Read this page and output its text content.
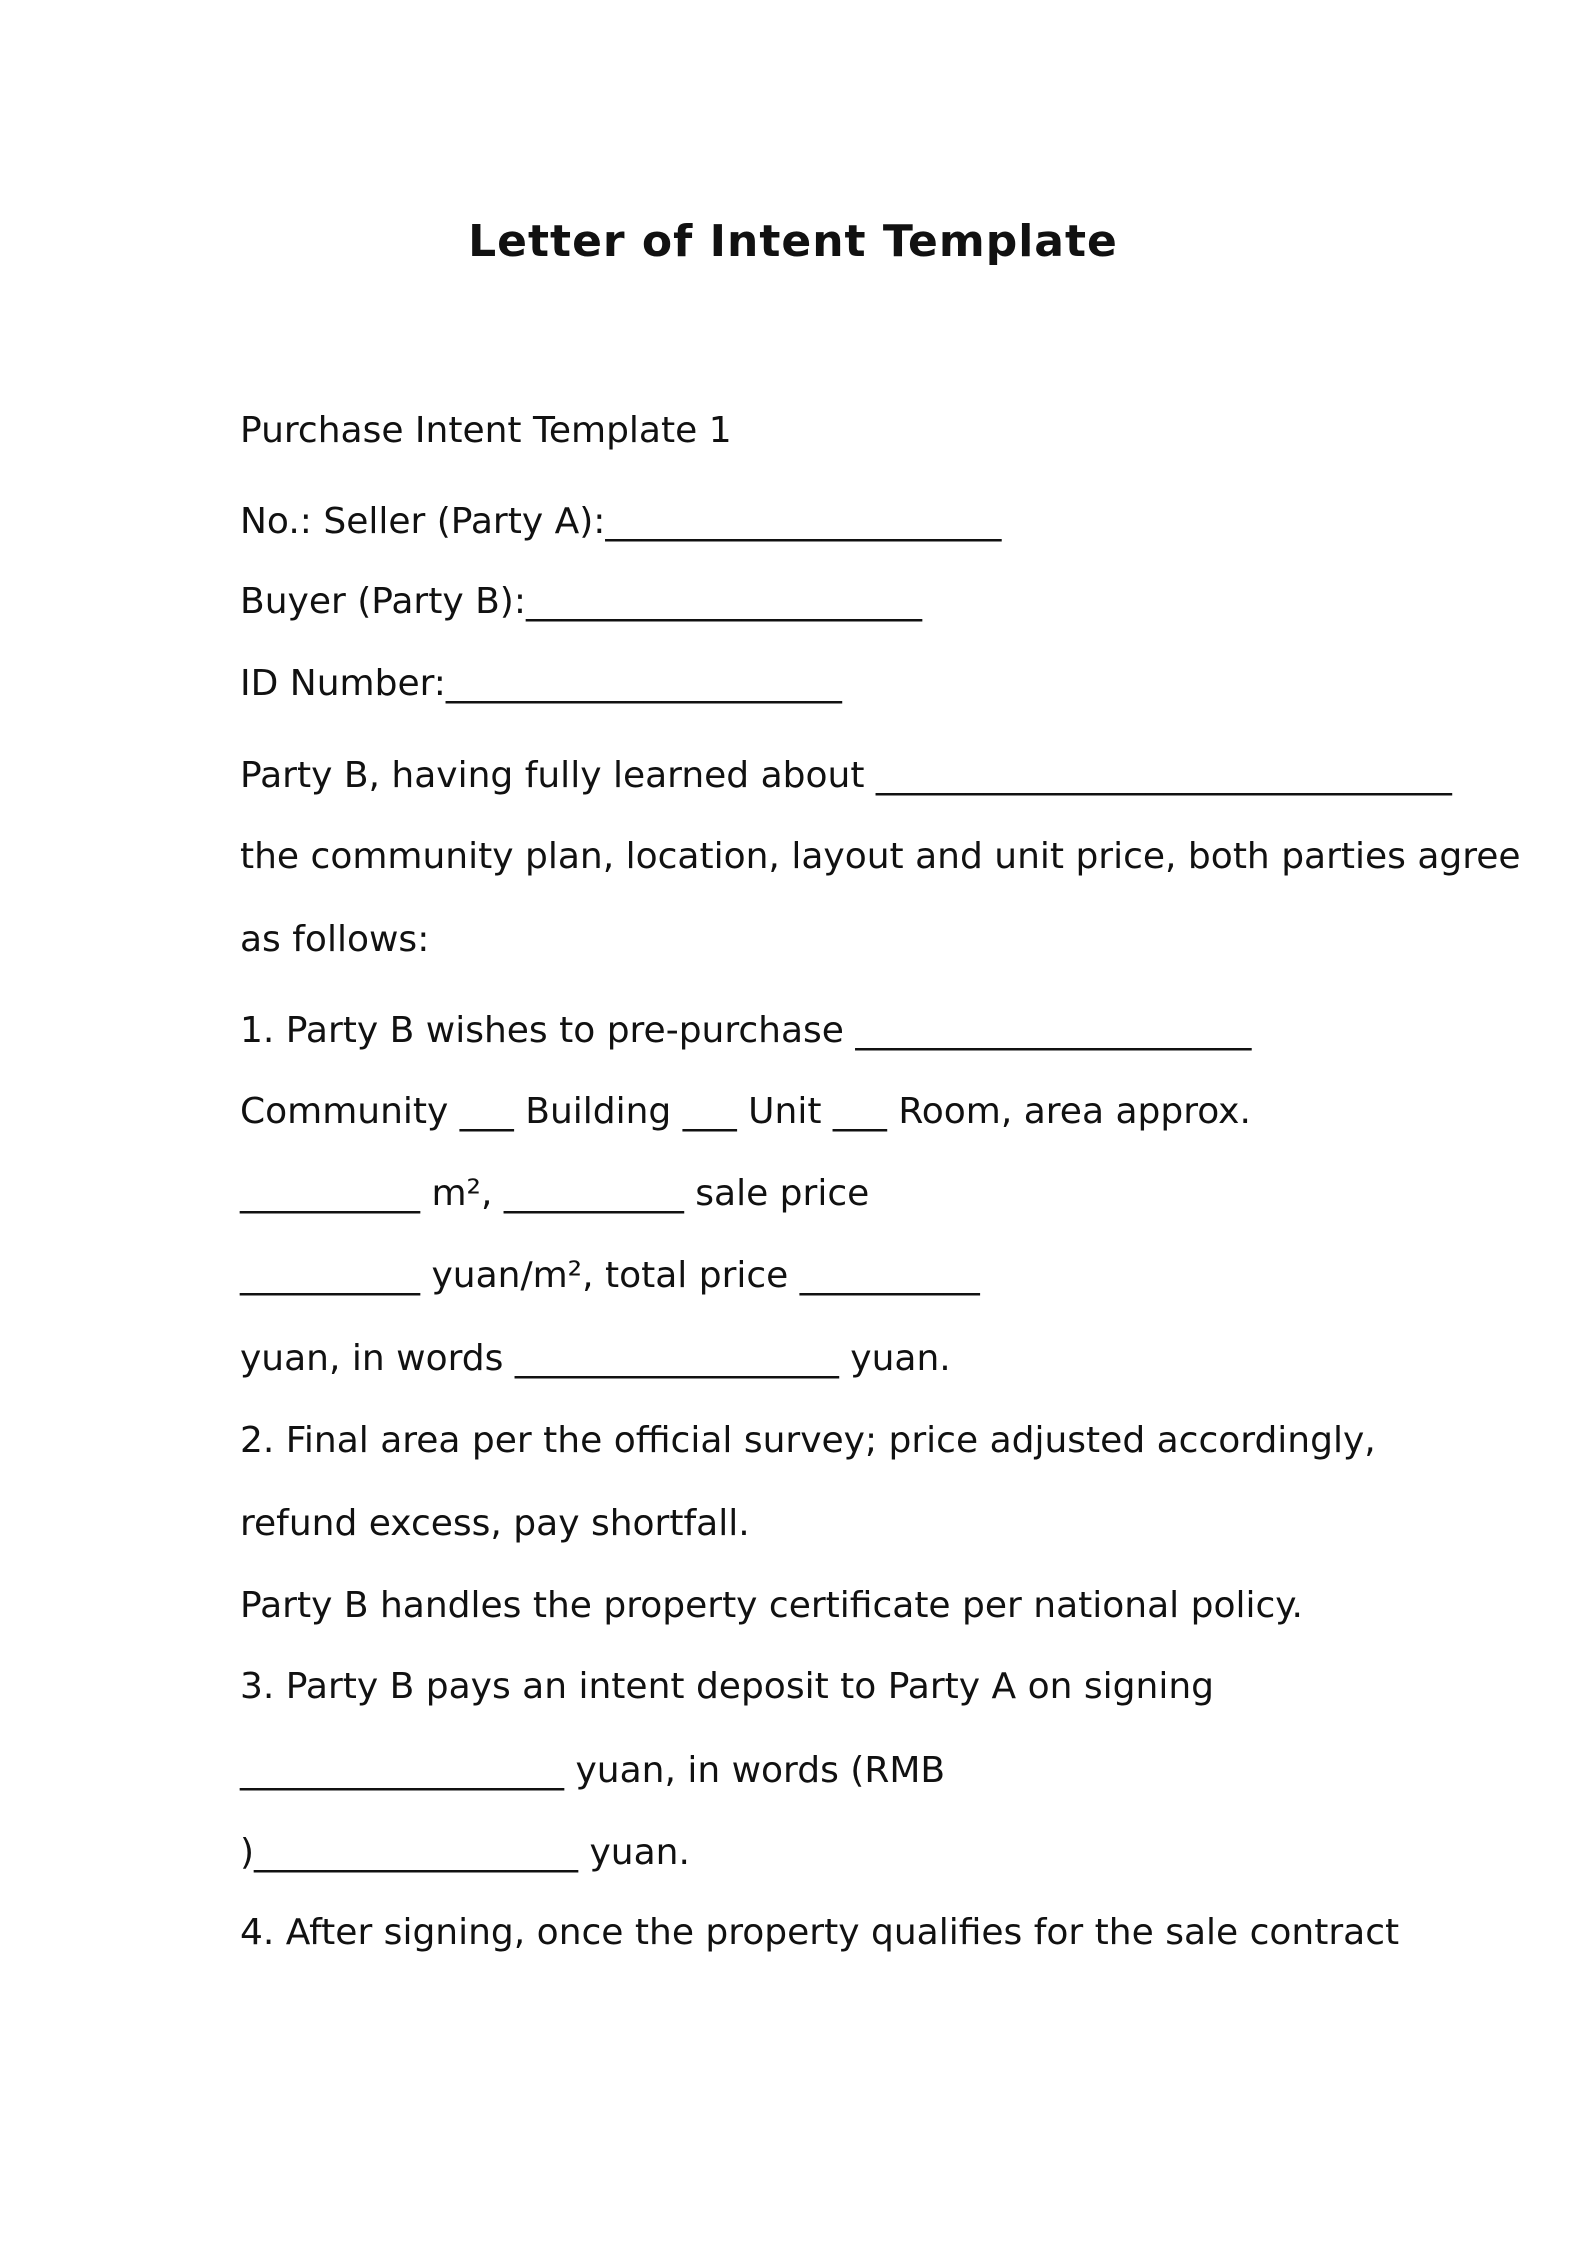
Letter of Intent Template

Purchase Intent Template 1

No.: Seller (Party A):______________________

Buyer (Party B):______________________

ID Number:______________________

Party B, having fully learned about ________________________________

the community plan, location, layout and unit price, both parties agree

as follows:

1. Party B wishes to pre-purchase ______________________

Community ___ Building ___ Unit ___ Room, area approx.

__________ m², __________ sale price

__________ yuan/m², total price __________

yuan, in words __________________ yuan.

2. Final area per the official survey; price adjusted accordingly,

refund excess, pay shortfall.

Party B handles the property certificate per national policy.

3. Party B pays an intent deposit to Party A on signing

__________________ yuan, in words (RMB

)__________________ yuan.

4. After signing, once the property qualifies for the sale contract
